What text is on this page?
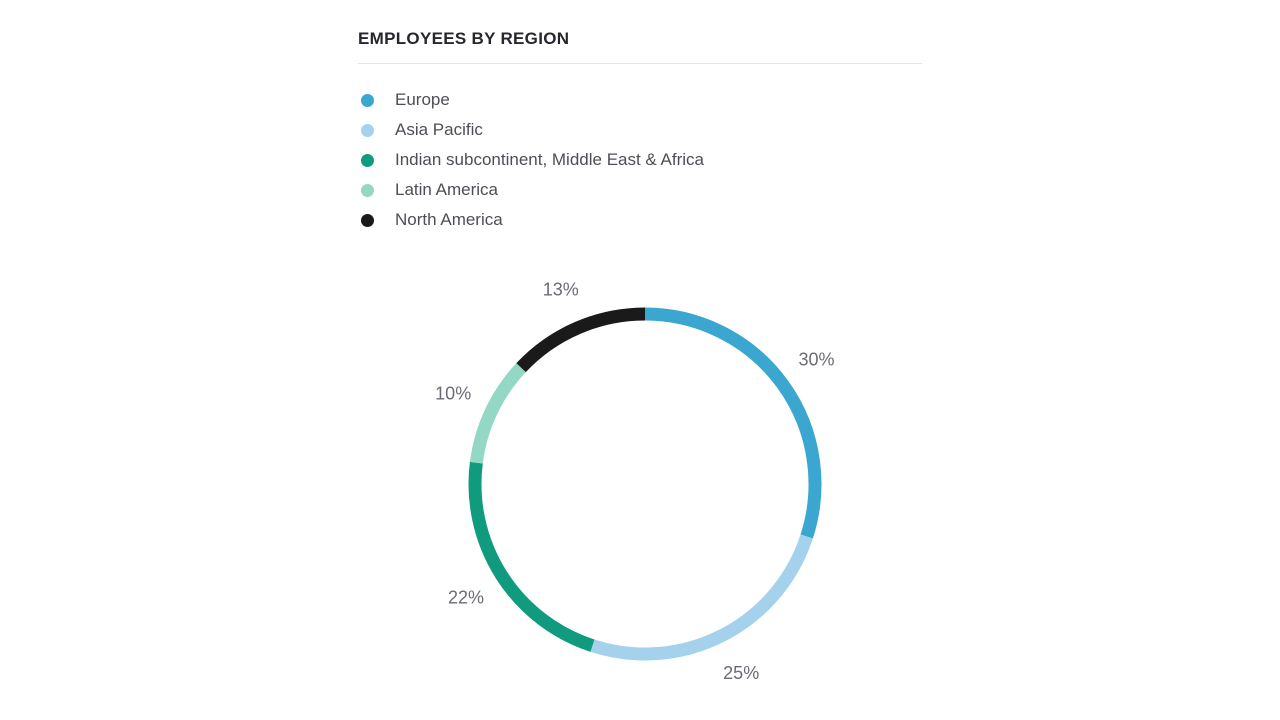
EMPLOYEES BY REGION
Europe
Asia Pacific
Indian subcontinent, Middle East & Africa
Latin America
North America
30%
25%
22%
10%
13%
